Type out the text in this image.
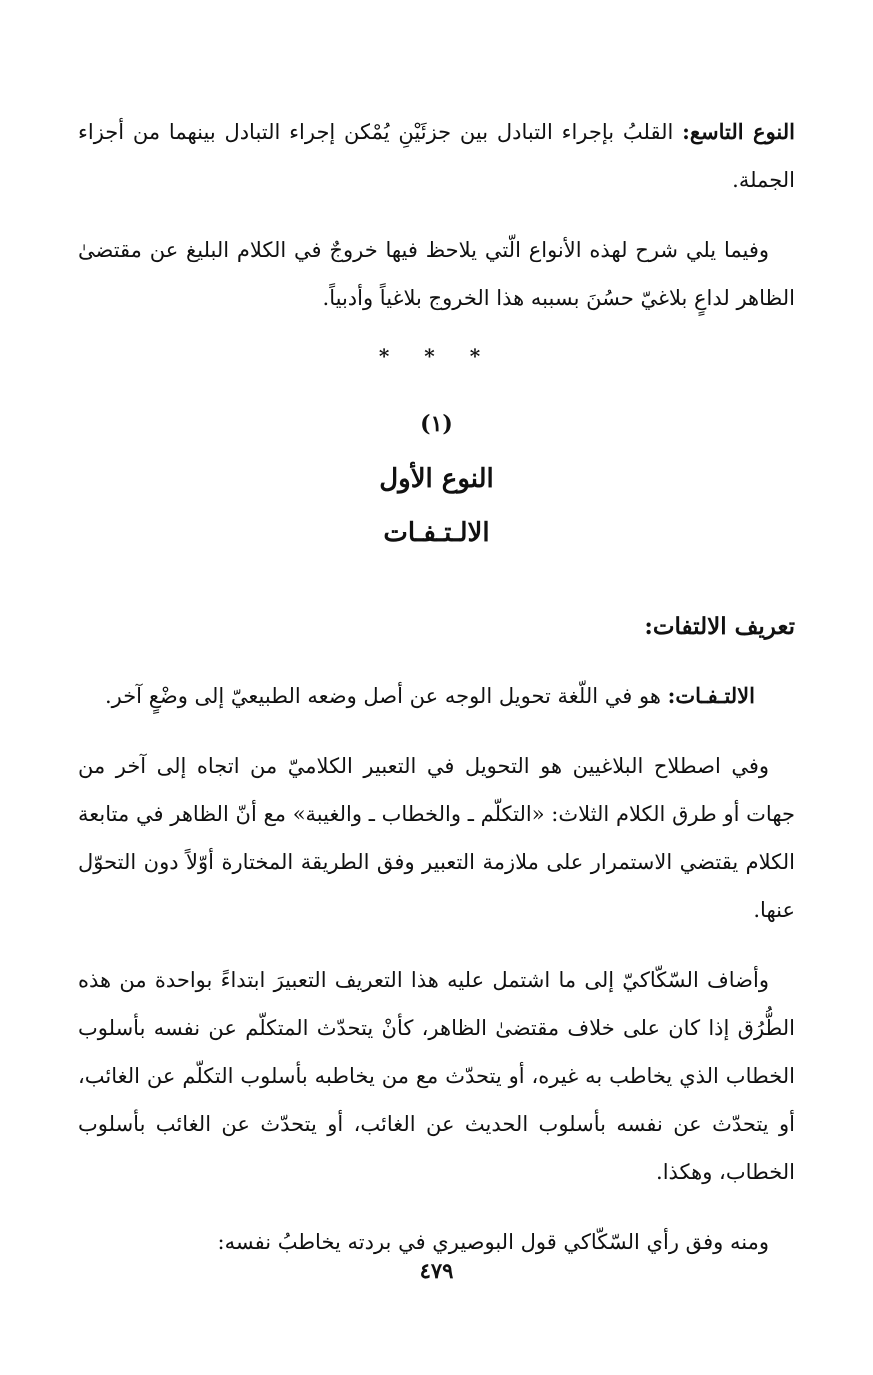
النوع التاسع: القلبُ بإجراء التبادل بين جزئَيْنِ يُمْكن إجراء التبادل بينهما من أجزاء الجملة.

وفيما يلي شرح لهذه الأنواع الّتي يلاحظ فيها خروجٌ في الكلام البليغ عن مقتضىٰ الظاهر لداعٍ بلاغيّ حسُنَ بسببه هذا الخروج بلاغياً وأدبياً.

* * *
(١)
النوع الأول
الالـتـفـات
تعريف الالتفات:

الالتـفـات: هو في اللّغة تحويل الوجه عن أصل وضعه الطبيعيّ إلى وضْعٍ آخر.

وفي اصطلاح البلاغيين هو التحويل في التعبير الكلاميّ من اتجاه إلى آخر من جهات أو طرق الكلام الثلاث: «التكلّم ـ والخطاب ـ والغيبة» مع أنّ الظاهر في متابعة الكلام يقتضي الاستمرار على ملازمة التعبير وفق الطريقة المختارة أوّلاً دون التحوّل عنها.

وأضاف السّكّاكيّ إلى ما اشتمل عليه هذا التعريف التعبيرَ ابتداءً بواحدة من هذه الطُّرُق إذا كان على خلاف مقتضىٰ الظاهر، كأنْ يتحدّث المتكلّم عن نفسه بأسلوب الخطاب الذي يخاطب به غيره، أو يتحدّث مع من يخاطبه بأسلوب التكلّم عن الغائب، أو يتحدّث عن نفسه بأسلوب الحديث عن الغائب، أو يتحدّث عن الغائب بأسلوب الخطاب، وهكذا.

ومنه وفق رأي السّكّاكي قول البوصيري في بردته يخاطبُ نفسه:

٤٧٩
